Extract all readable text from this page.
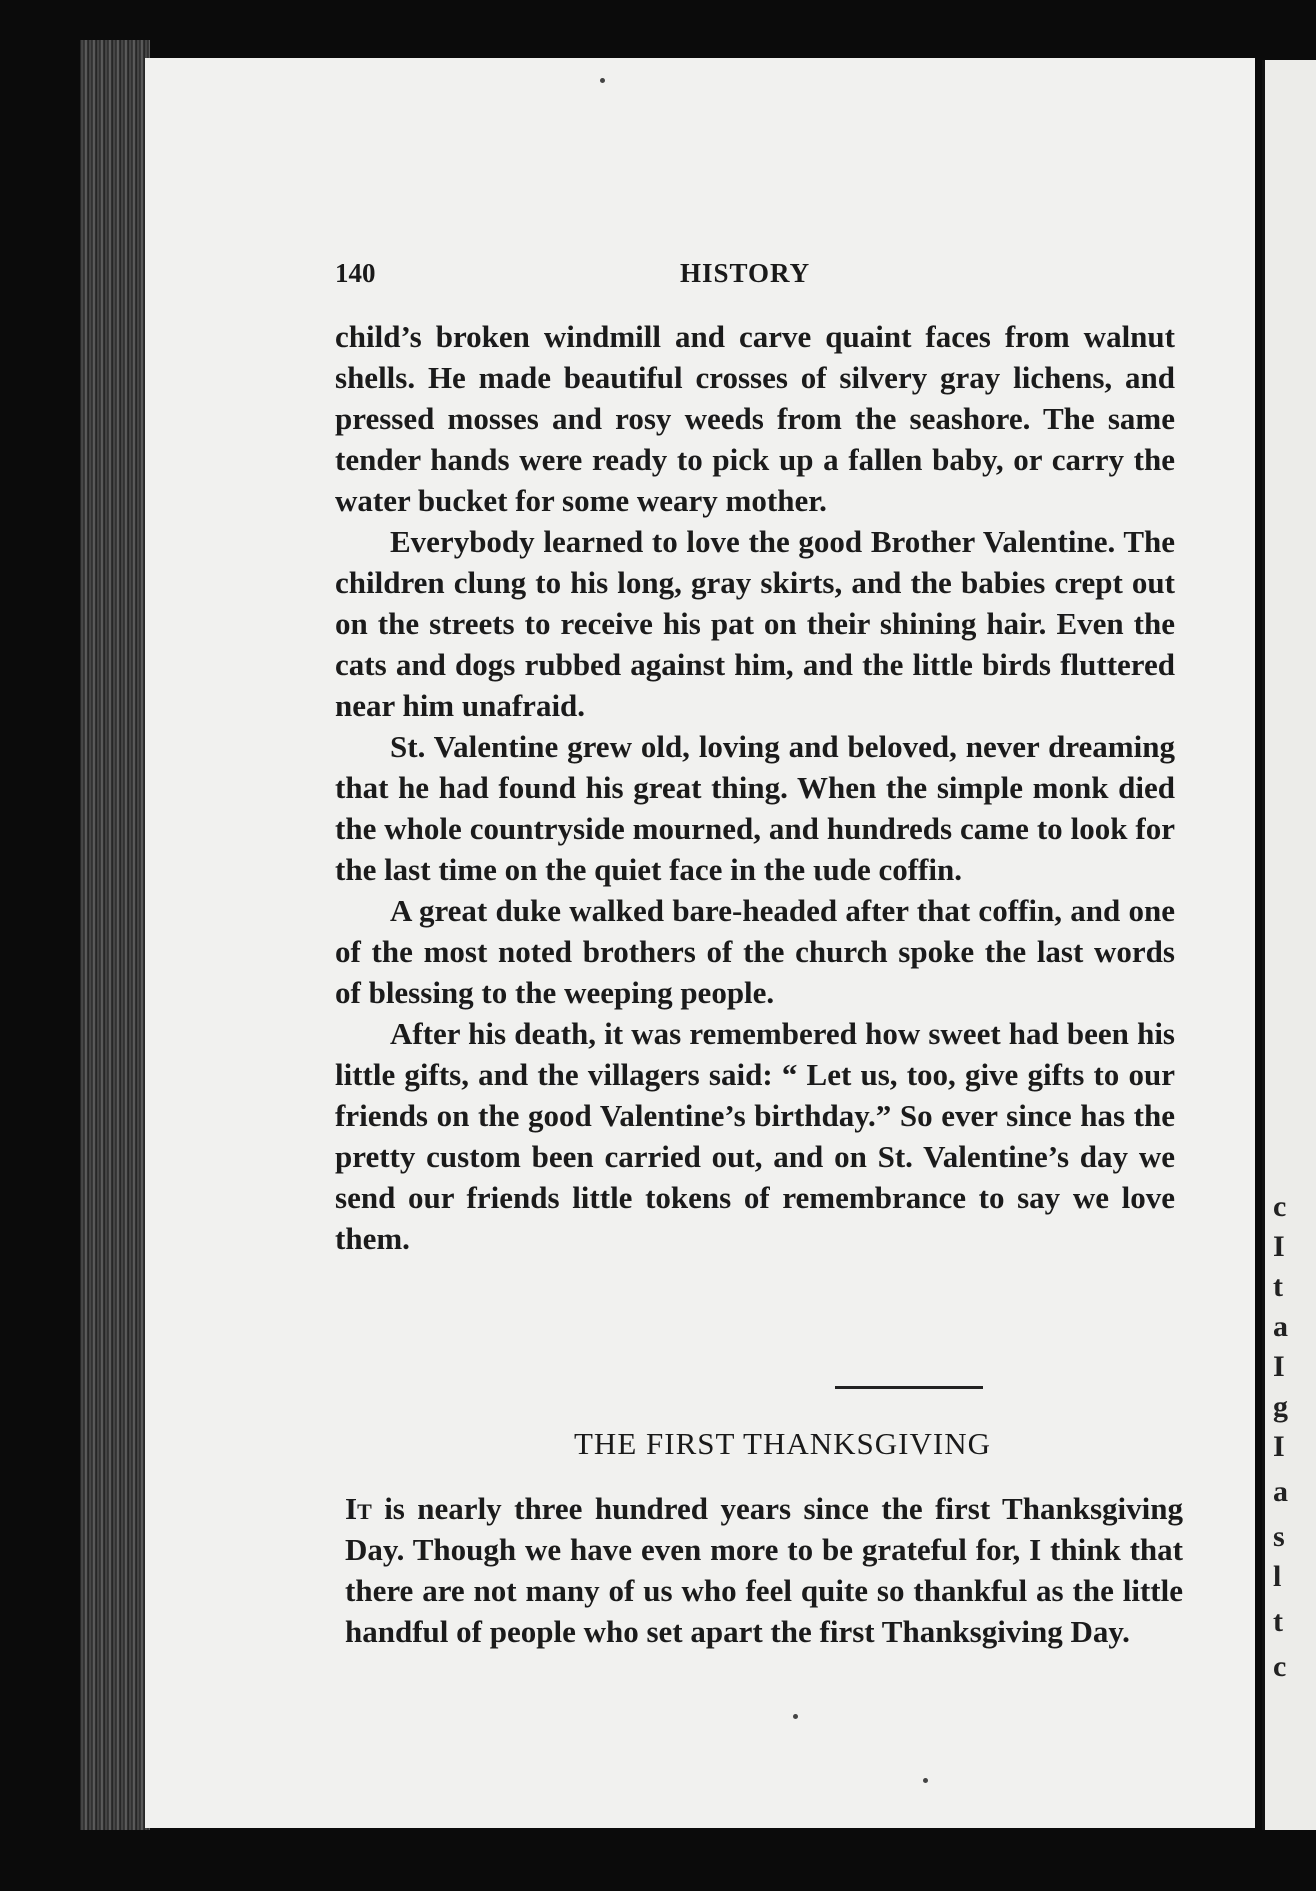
140	HISTORY

child’s broken windmill and carve quaint faces from walnut shells. He made beautiful crosses of silvery gray lichens, and pressed mosses and rosy weeds from the seashore. The same tender hands were ready to pick up a fallen baby, or carry the water bucket for some weary mother.

Everybody learned to love the good Brother Valentine. The children clung to his long, gray skirts, and the babies crept out on the streets to receive his pat on their shining hair. Even the cats and dogs rubbed against him, and the little birds fluttered near him unafraid.

St. Valentine grew old, loving and beloved, never dreaming that he had found his great thing. When the simple monk died the whole countryside mourned, and hundreds came to look for the last time on the quiet face in the ιude coffin.

A great duke walked bare-headed after that coffin, and one of the most noted brothers of the church spoke the last words of blessing to the weeping people.

After his death, it was remembered how sweet had been his little gifts, and the villagers said: “ Let us, too, give gifts to our friends on the good Valentine’s birthday.” So ever since has the pretty custom been carried out, and on St. Valentine’s day we send our friends little tokens of remembrance to say we love them.

THE FIRST THANKSGIVING
It is nearly three hundred years since the first Thanksgiving Day. Though we have even more to be grateful for, I think that there are not many of us who feel quite so thankful as the little handful of people who set apart the first Thanksgiving Day.
c
I
t
a
I
g
I
a
s
l
t
c
